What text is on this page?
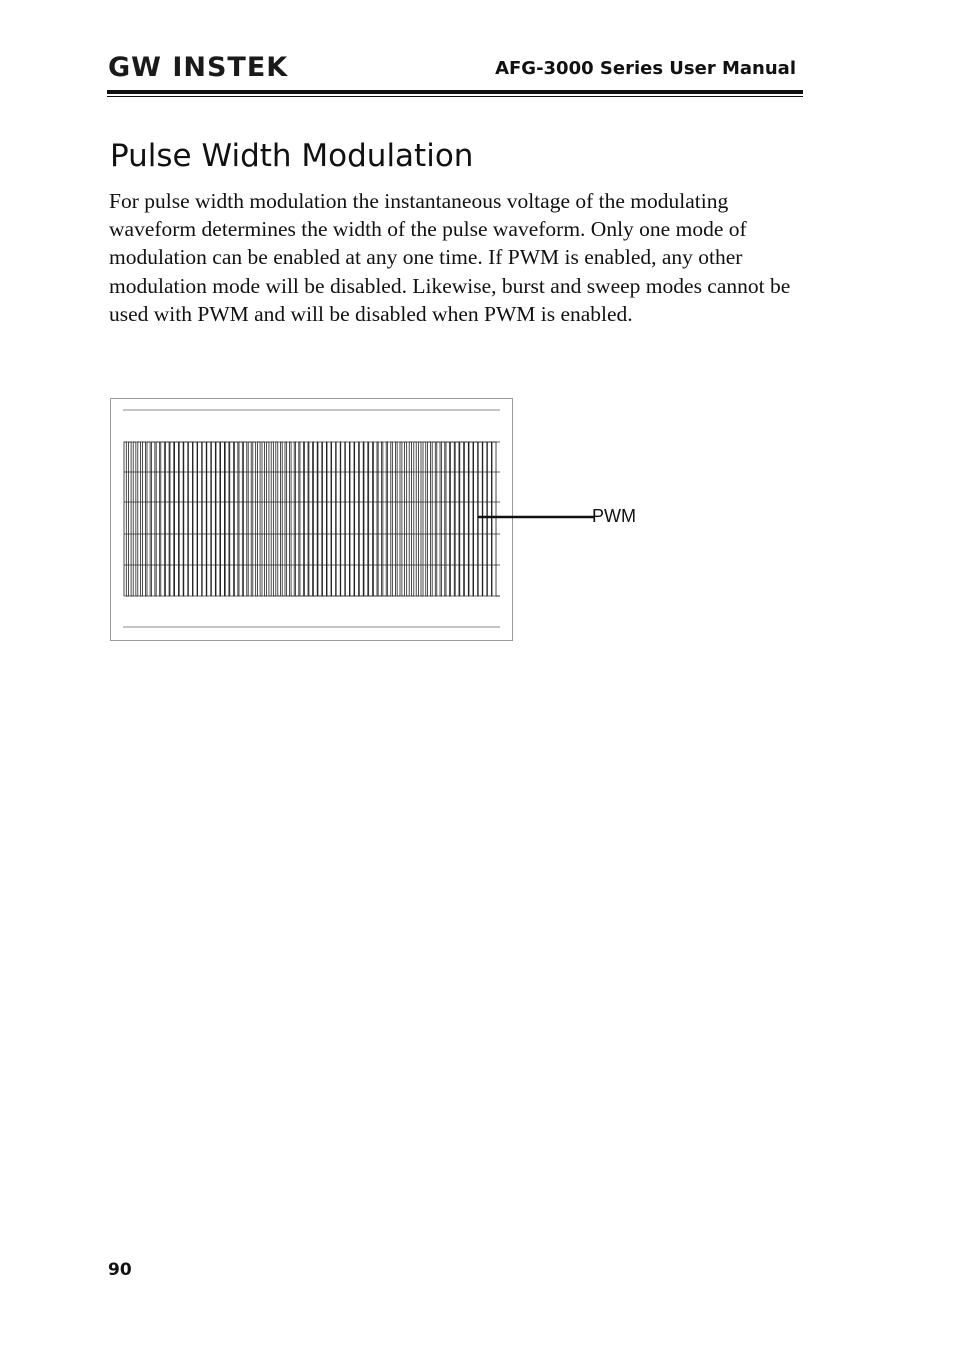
GW INSTEK	AFG-3000 Series User Manual
Pulse Width Modulation
For pulse width modulation the instantaneous voltage of the modulating waveform determines the width of the pulse waveform. Only one mode of modulation can be enabled at any one time. If PWM is enabled, any other modulation mode will be disabled. Likewise, burst and sweep modes cannot be used with PWM and will be disabled when PWM is enabled.
PWM
90
